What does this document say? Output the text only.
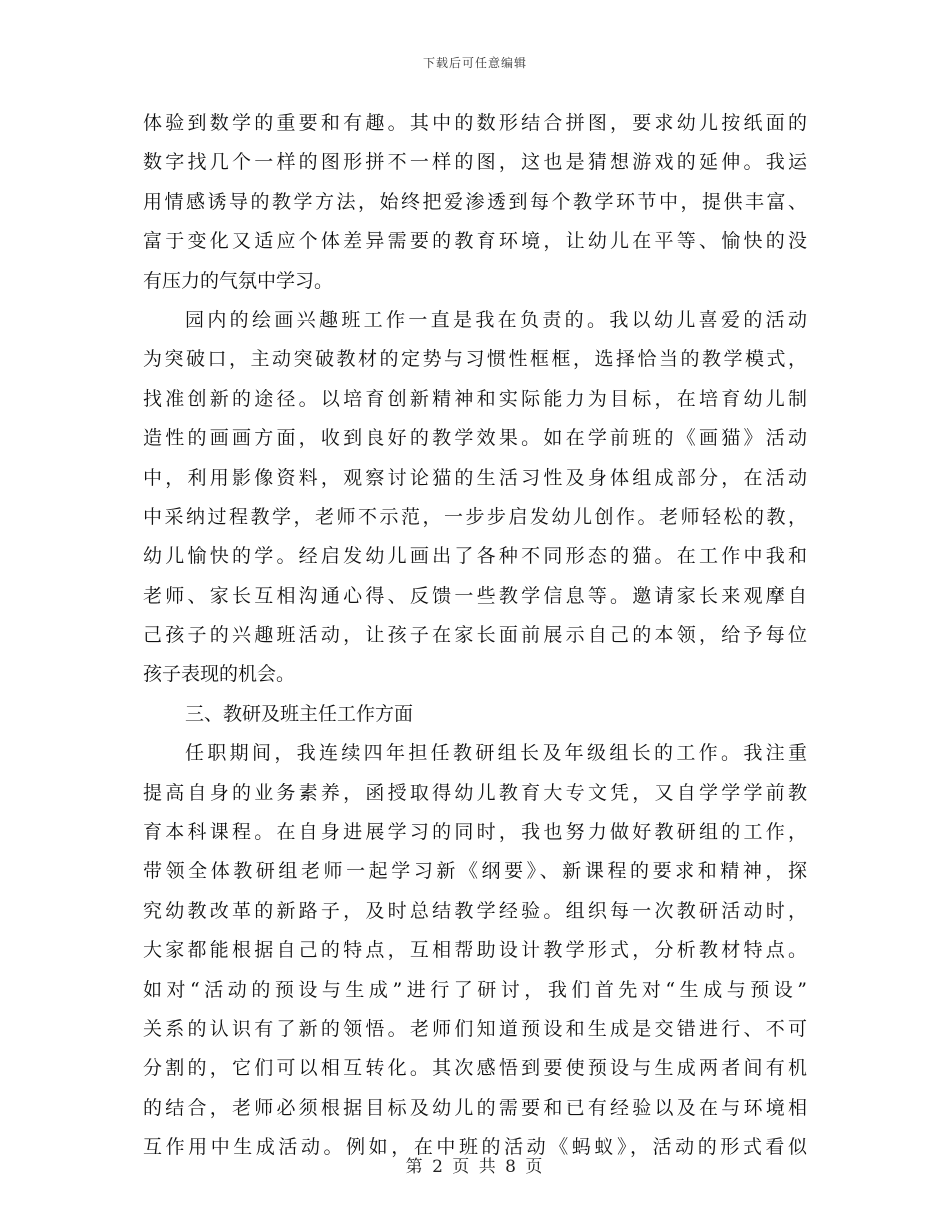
下载后可任意编辑
体验到数学的重要和有趣。其中的数形结合拼图，要求幼儿按纸面的
数字找几个一样的图形拼不一样的图，这也是猜想游戏的延伸。我运
用情感诱导的教学方法，始终把爱渗透到每个教学环节中，提供丰富、
富于变化又适应个体差异需要的教育环境，让幼儿在平等、愉快的没
有压力的气氛中学习。
园内的绘画兴趣班工作一直是我在负责的。我以幼儿喜爱的活动
为突破口，主动突破教材的定势与习惯性框框，选择恰当的教学模式，
找准创新的途径。以培育创新精神和实际能力为目标，在培育幼儿制
造性的画画方面，收到良好的教学效果。如在学前班的《画猫》活动
中，利用影像资料，观察讨论猫的生活习性及身体组成部分，在活动
中采纳过程教学，老师不示范，一步步启发幼儿创作。老师轻松的教，
幼儿愉快的学。经启发幼儿画出了各种不同形态的猫。在工作中我和
老师、家长互相沟通心得、反馈一些教学信息等。邀请家长来观摩自
己孩子的兴趣班活动，让孩子在家长面前展示自己的本领，给予每位
孩子表现的机会。
三、教研及班主任工作方面
任职期间，我连续四年担任教研组长及年级组长的工作。我注重
提高自身的业务素养，函授取得幼儿教育大专文凭，又自学学学前教
育本科课程。在自身进展学习的同时，我也努力做好教研组的工作，
带领全体教研组老师一起学习新《纲要》、新课程的要求和精神，探
究幼教改革的新路子，及时总结教学经验。组织每一次教研活动时，
大家都能根据自己的特点，互相帮助设计教学形式，分析教材特点。
如对“活动的预设与生成”进行了研讨，我们首先对“生成与预设”
关系的认识有了新的领悟。老师们知道预设和生成是交错进行、不可
分割的，它们可以相互转化。其次感悟到要使预设与生成两者间有机
的结合，老师必须根据目标及幼儿的需要和已有经验以及在与环境相
互作用中生成活动。例如，在中班的活动《蚂蚁》，活动的形式看似
第 2 页 共 8 页
